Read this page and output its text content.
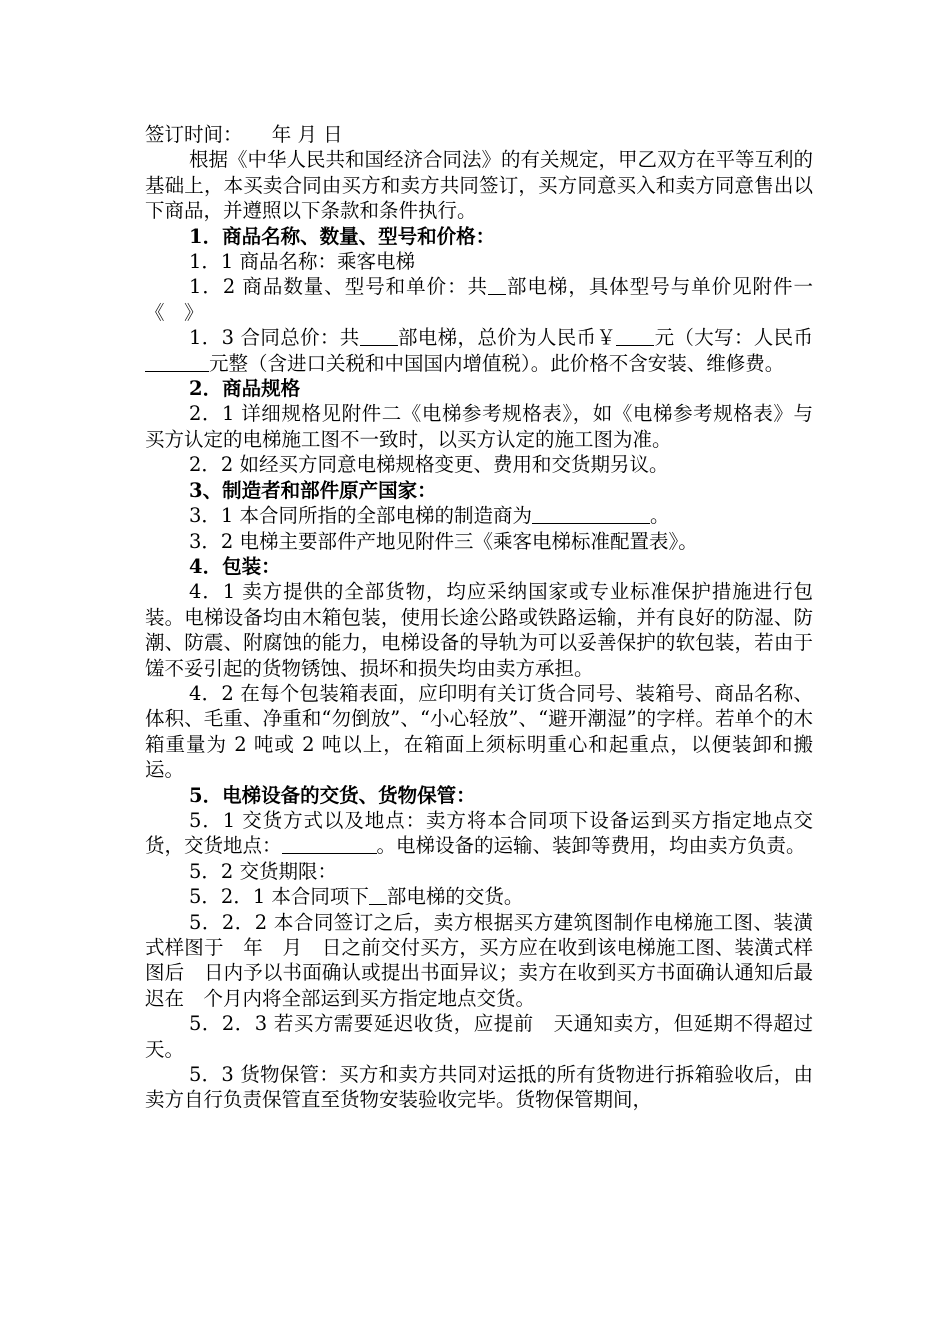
签订时间：　　年 月 日

根据《中华人民共和国经济合同法》的有关规定，甲乙双方在平等互利的基础上，本买卖合同由买方和卖方共同签订，买方同意买入和卖方同意售出以下商品，并遵照以下条款和条件执行。

1．商品名称、数量、型号和价格：

1．1 商品名称：乘客电梯

1．2 商品数量、型号和单价：共 部电梯，具体型号与单价见附件一《　》

1．3 合同总价：共 部电梯，总价为人民币￥ 元（大写：人民币元整（含进口关税和中国国内增值税）。此价格不含安装、维修费。

2．商品规格

2．1 详细规格见附件二《电梯参考规格表》，如《电梯参考规格表》与买方认定的电梯施工图不一致时，以买方认定的施工图为准。

2．2 如经买方同意电梯规格变更、费用和交货期另议。

3、制造者和部件原产国家：

3．1 本合同所指的全部电梯的制造商为	。

3．2 电梯主要部件产地见附件三《乘客电梯标准配置表》。

4．包装：

4．1 卖方提供的全部货物，均应采纳国家或专业标准保护措施进行包装。电梯设备均由木箱包装，使用长途公路或铁路运输，并有良好的防湿、防潮、防震、附腐蚀的能力，电梯设备的导轨为可以妥善保护的软包装，若由于馐不妥引起的货物锈蚀、损坏和损失均由卖方承担。

4．2 在每个包装箱表面，应印明有关订货合同号、装箱号、商品名称、体积、毛重、净重和“勿倒放”、“小心轻放”、“避开潮湿”的字样。若单个的木箱重量为 2 吨或 2 吨以上，在箱面上须标明重心和起重点，以便装卸和搬运。

5．电梯设备的交货、货物保管：

5．1 交货方式以及地点：卖方将本合同项下设备运到买方指定地点交货，交货地点：	。电梯设备的运输、装卸等费用，均由卖方负责。

5．2 交货期限：

5．2．1 本合同项下 部电梯的交货。

5．2．2 本合同签订之后，卖方根据买方建筑图制作电梯施工图、装潢式样图于　年　月　日之前交付买方，买方应在收到该电梯施工图、装潢式样图后　日内予以书面确认或提出书面异议；卖方在收到买方书面确认通知后最迟在　个月内将全部运到买方指定地点交货。

5．2．3 若买方需要延迟收货，应提前　天通知卖方，但延期不得超过　天。

5．3 货物保管：买方和卖方共同对运抵的所有货物进行拆箱验收后，由卖方自行负责保管直至货物安装验收完毕。货物保管期间，
